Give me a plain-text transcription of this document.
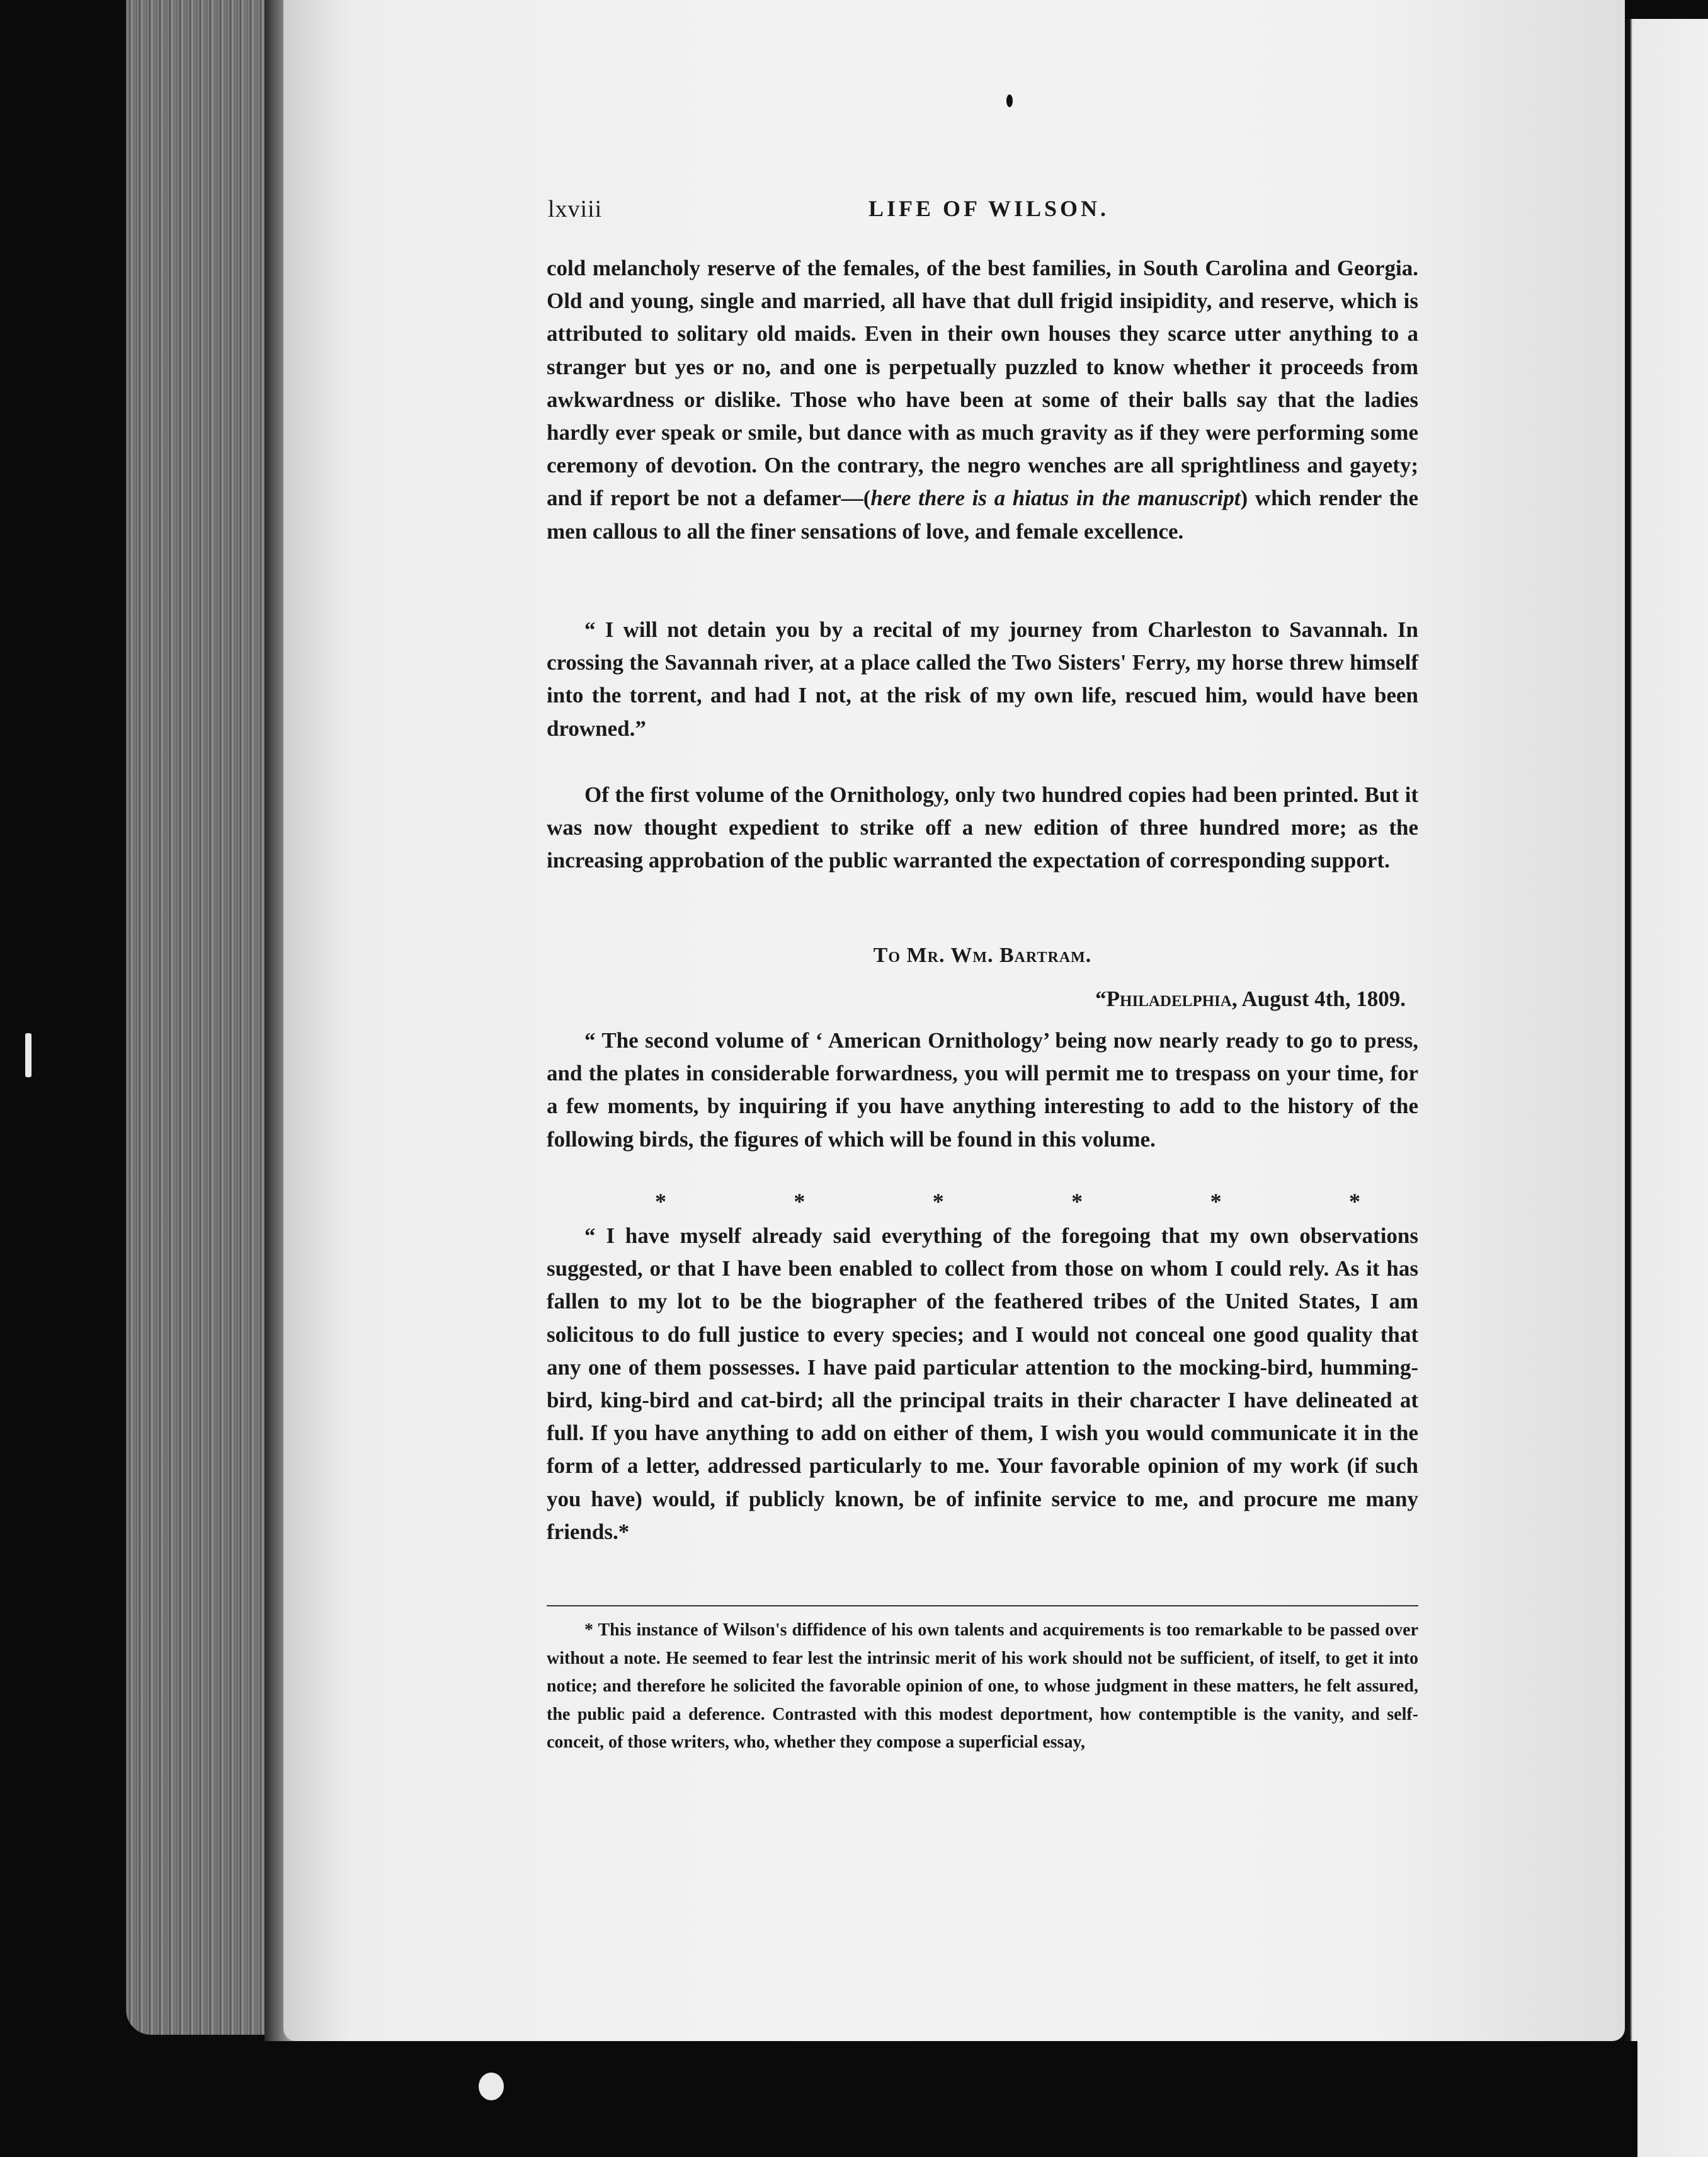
lxviii	LIFE OF WILSON.

cold melancholy reserve of the females, of the best families, in South Carolina and Georgia. Old and young, single and married, all have that dull frigid insipidity, and reserve, which is attributed to solitary old maids. Even in their own houses they scarce utter anything to a stranger but yes or no, and one is perpetually puzzled to know whether it proceeds from awkwardness or dislike. Those who have been at some of their balls say that the ladies hardly ever speak or smile, but dance with as much gravity as if they were performing some ceremony of devotion. On the contrary, the negro wenches are all sprightliness and gayety; and if report be not a defamer—(here there is a hiatus in the manuscript) which render the men callous to all the finer sensations of love, and female excellence.

“ I will not detain you by a recital of my journey from Charleston to Savannah. In crossing the Savannah river, at a place called the Two Sisters' Ferry, my horse threw himself into the torrent, and had I not, at the risk of my own life, rescued him, would have been drowned.”

Of the first volume of the Ornithology, only two hundred copies had been printed. But it was now thought expedient to strike off a new edition of three hundred more; as the increasing approbation of the public warranted the expectation of corresponding support.

To Mr. Wm. Bartram.
“Philadelphia, August 4th, 1809.

“ The second volume of ‘ American Ornithology’ being now nearly ready to go to press, and the plates in considerable forwardness, you will permit me to trespass on your time, for a few moments, by inquiring if you have anything interesting to add to the history of the following birds, the figures of which will be found in this volume.

*	*	*	*	*	*

“ I have myself already said everything of the foregoing that my own observations suggested, or that I have been enabled to collect from those on whom I could rely. As it has fallen to my lot to be the biographer of the feathered tribes of the United States, I am solicitous to do full justice to every species; and I would not conceal one good quality that any one of them possesses. I have paid particular attention to the mocking-bird, humming-bird, king-bird and cat-bird; all the principal traits in their character I have delineated at full. If you have anything to add on either of them, I wish you would communicate it in the form of a letter, addressed particularly to me. Your favorable opinion of my work (if such you have) would, if publicly known, be of infinite service to me, and procure me many friends.*

* This instance of Wilson's diffidence of his own talents and acquirements is too remarkable to be passed over without a note. He seemed to fear lest the intrinsic merit of his work should not be sufficient, of itself, to get it into notice; and therefore he solicited the favorable opinion of one, to whose judgment in these matters, he felt assured, the public paid a deference. Contrasted with this modest deportment, how contemptible is the vanity, and self-conceit, of those writers, who, whether they compose a superficial essay,
